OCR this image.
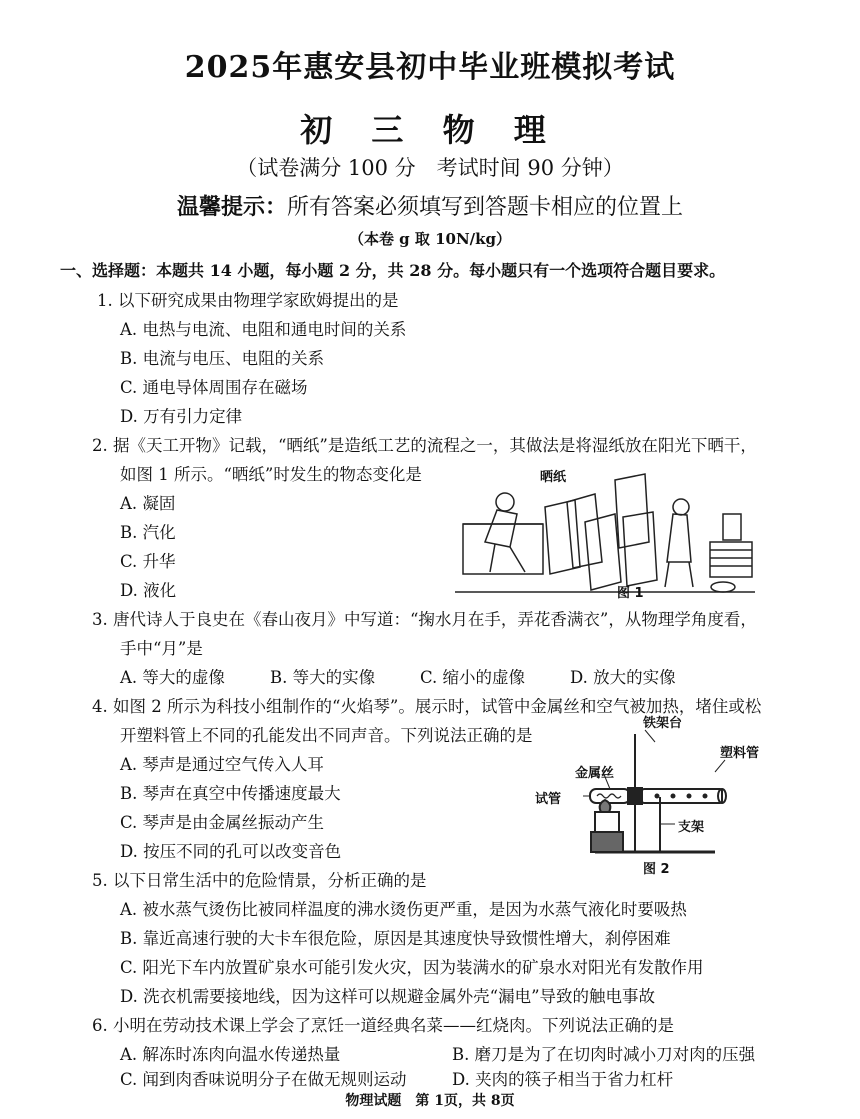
2025年惠安县初中毕业班模拟考试
初 三 物 理
（试卷满分 100 分　考试时间 90 分钟）
温馨提示：所有答案必须填写到答题卡相应的位置上
（本卷 g 取 10N/kg）
一、选择题：本题共 14 小题，每小题 2 分，共 28 分。每小题只有一个选项符合题目要求。
1. 以下研究成果由物理学家欧姆提出的是
A. 电热与电流、电阻和通电时间的关系
B. 电流与电压、电阻的关系
C. 通电导体周围存在磁场
D. 万有引力定律
2. 据《天工开物》记载，“晒纸”是造纸工艺的流程之一，其做法是将湿纸放在阳光下晒干，
如图 1 所示。“晒纸”时发生的物态变化是
A. 凝固
B. 汽化
C. 升华
D. 液化
晒纸
图 1
3. 唐代诗人于良史在《春山夜月》中写道：“掬水月在手，弄花香满衣”，从物理学角度看，
手中“月”是
A. 等大的虚像	B. 等大的实像	C. 缩小的虚像	D. 放大的实像
4. 如图 2 所示为科技小组制作的“火焰琴”。展示时，试管中金属丝和空气被加热，堵住或松
开塑料管上不同的孔能发出不同声音。下列说法正确的是
A. 琴声是通过空气传入人耳
B. 琴声在真空中传播速度最大
C. 琴声是由金属丝振动产生
D. 按压不同的孔可以改变音色
铁架台
金属丝
塑料管
试管
支架
图 2
5. 以下日常生活中的危险情景，分析正确的是
A. 被水蒸气烫伤比被同样温度的沸水烫伤更严重，是因为水蒸气液化时要吸热
B. 靠近高速行驶的大卡车很危险，原因是其速度快导致惯性增大，刹停困难
C. 阳光下车内放置矿泉水可能引发火灾，因为装满水的矿泉水对阳光有发散作用
D. 洗衣机需要接地线，因为这样可以规避金属外壳“漏电”导致的触电事故
6. 小明在劳动技术课上学会了烹饪一道经典名菜——红烧肉。下列说法正确的是
A. 解冻时冻肉向温水传递热量	B. 磨刀是为了在切肉时减小刀对肉的压强
C. 闻到肉香味说明分子在做无规则运动	D. 夹肉的筷子相当于省力杠杆
物理试题　第 1页，共 8页
